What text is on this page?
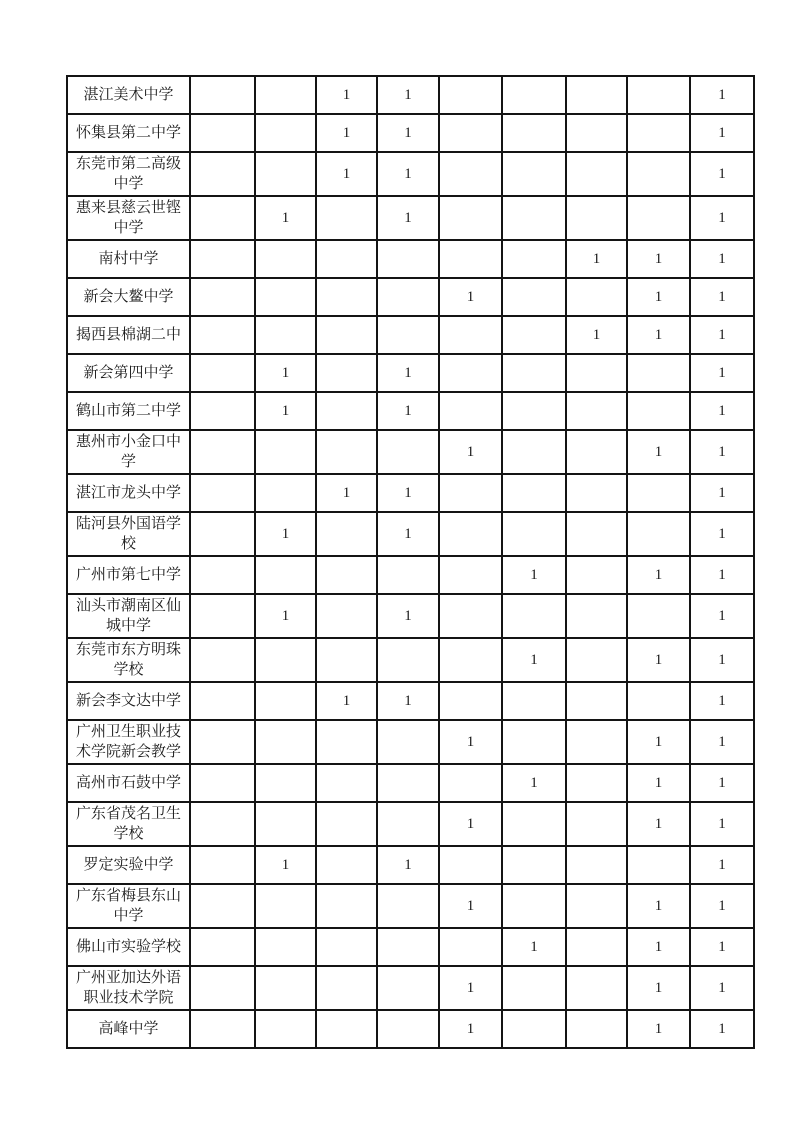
湛江美术中学			1	1					1
怀集县第二中学			1	1					1
东莞市第二高级中学			1	1					1
惠来县慈云世铿中学		1		1					1
南村中学							1	1	1
新会大鳌中学					1			1	1
揭西县棉湖二中							1	1	1
新会第四中学		1		1					1
鹤山市第二中学		1		1					1
惠州市小金口中学					1			1	1
湛江市龙头中学			1	1					1
陆河县外国语学校		1		1					1
广州市第七中学						1		1	1
汕头市潮南区仙城中学		1		1					1
东莞市东方明珠学校						1		1	1
新会李文达中学			1	1					1
广州卫生职业技术学院新会教学					1			1	1
高州市石鼓中学						1		1	1
广东省茂名卫生学校					1			1	1
罗定实验中学		1		1					1
广东省梅县东山中学					1			1	1
佛山市实验学校						1		1	1
广州亚加达外语职业技术学院					1			1	1
高峰中学					1			1	1
